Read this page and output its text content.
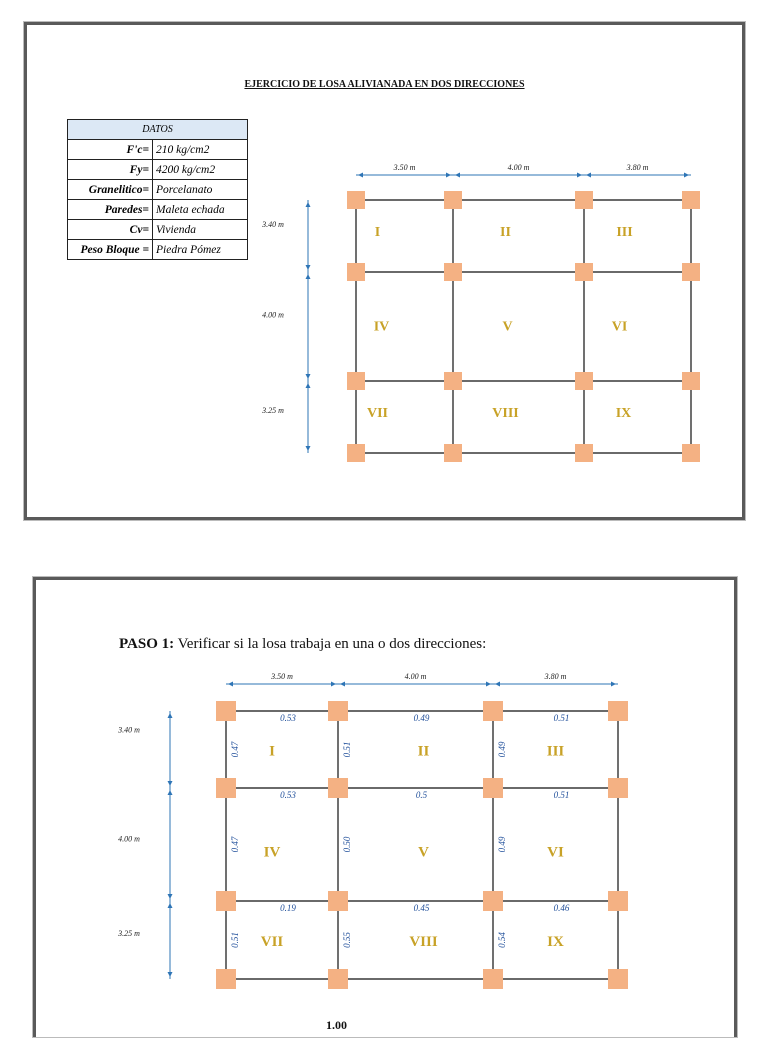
EJERCICIO DE LOSA ALIVIANADA EN DOS DIRECCIONES
DATOS	
F'c=	210 kg/cm2
Fy=	4200 kg/cm2
Granelitico=	Porcelanato
Paredes=	Maleta echada
Cv=	Vivienda
Peso Bloque =	Piedra Pómez
3.50 m	4.00 m	3.80 m
3.40 m
4.00 m
3.25 m
I	II	III
IV	V	VI
VII	VIII	IX
PASO 1: Verificar si la losa trabaja en una o dos direcciones:
3.50 m	4.00 m	3.80 m
3.40 m
4.00 m
3.25 m
I	II	III
IV	V	VI
VII	VIII	IX
0.53
0.47
0.49
0.51
0.51
0.49
0.53
0.47
0.5
0.50
0.51
0.49
0.19
0.51
0.45
0.55
0.46
0.54
1.00
